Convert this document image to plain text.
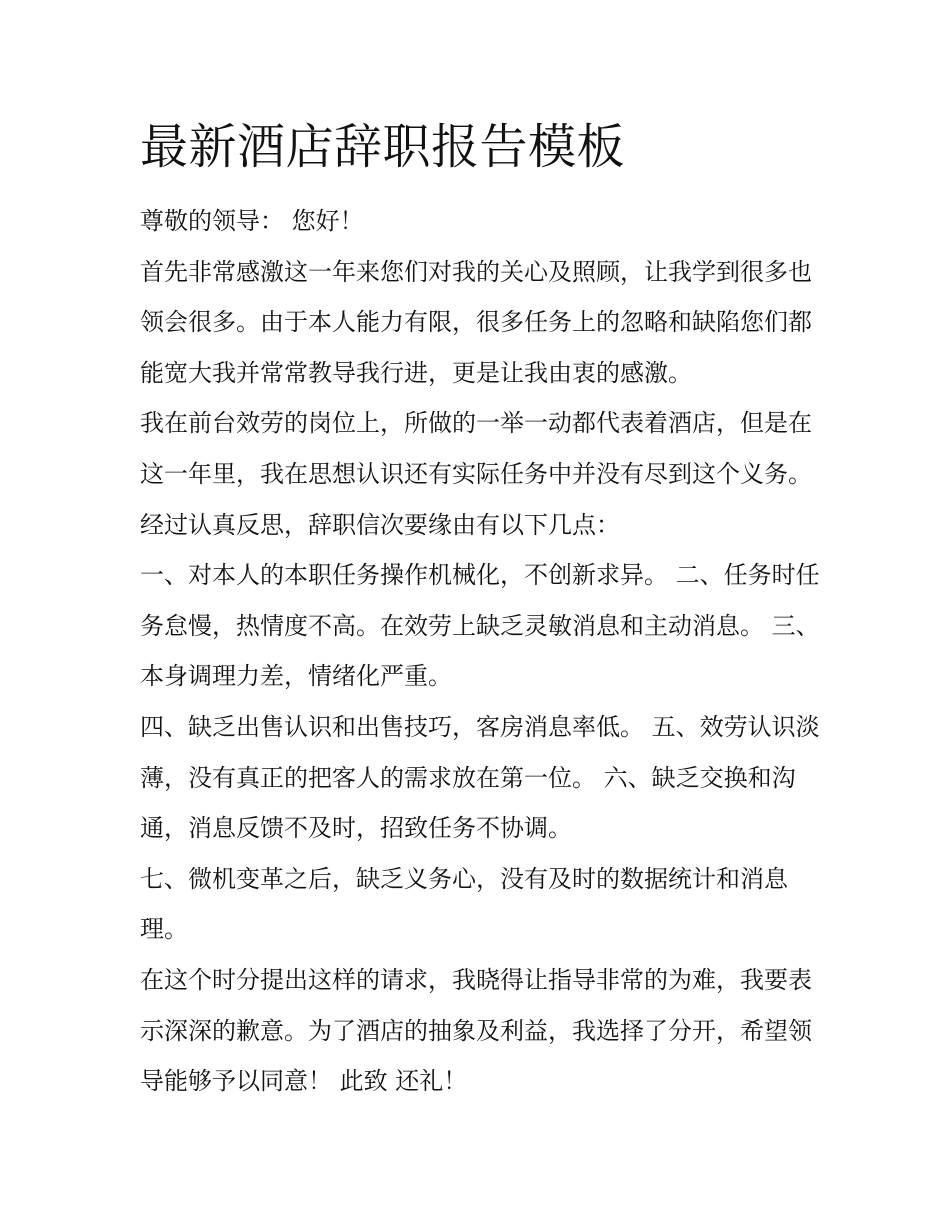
最新酒店辞职报告模板

尊敬的领导： 您好！

首先非常感激这一年来您们对我的关心及照顾，让我学到很多也领会很多。由于本人能力有限，很多任务上的忽略和缺陷您们都能宽大我并常常教导我行进，更是让我由衷的感激。

我在前台效劳的岗位上，所做的一举一动都代表着酒店，但是在这一年里，我在思想认识还有实际任务中并没有尽到这个义务。经过认真反思，辞职信次要缘由有以下几点：

一、对本人的本职任务操作机械化，不创新求异。 二、任务时任务怠慢，热情度不高。在效劳上缺乏灵敏消息和主动消息。 三、本身调理力差，情绪化严重。

四、缺乏出售认识和出售技巧，客房消息率低。 五、效劳认识淡薄，没有真正的把客人的需求放在第一位。 六、缺乏交换和沟通，消息反馈不及时，招致任务不协调。

七、微机变革之后，缺乏义务心，没有及时的数据统计和消息理。

在这个时分提出这样的请求，我晓得让指导非常的为难，我要表示深深的歉意。为了酒店的抽象及利益，我选择了分开，希望领导能够予以同意！ 此致 还礼！
